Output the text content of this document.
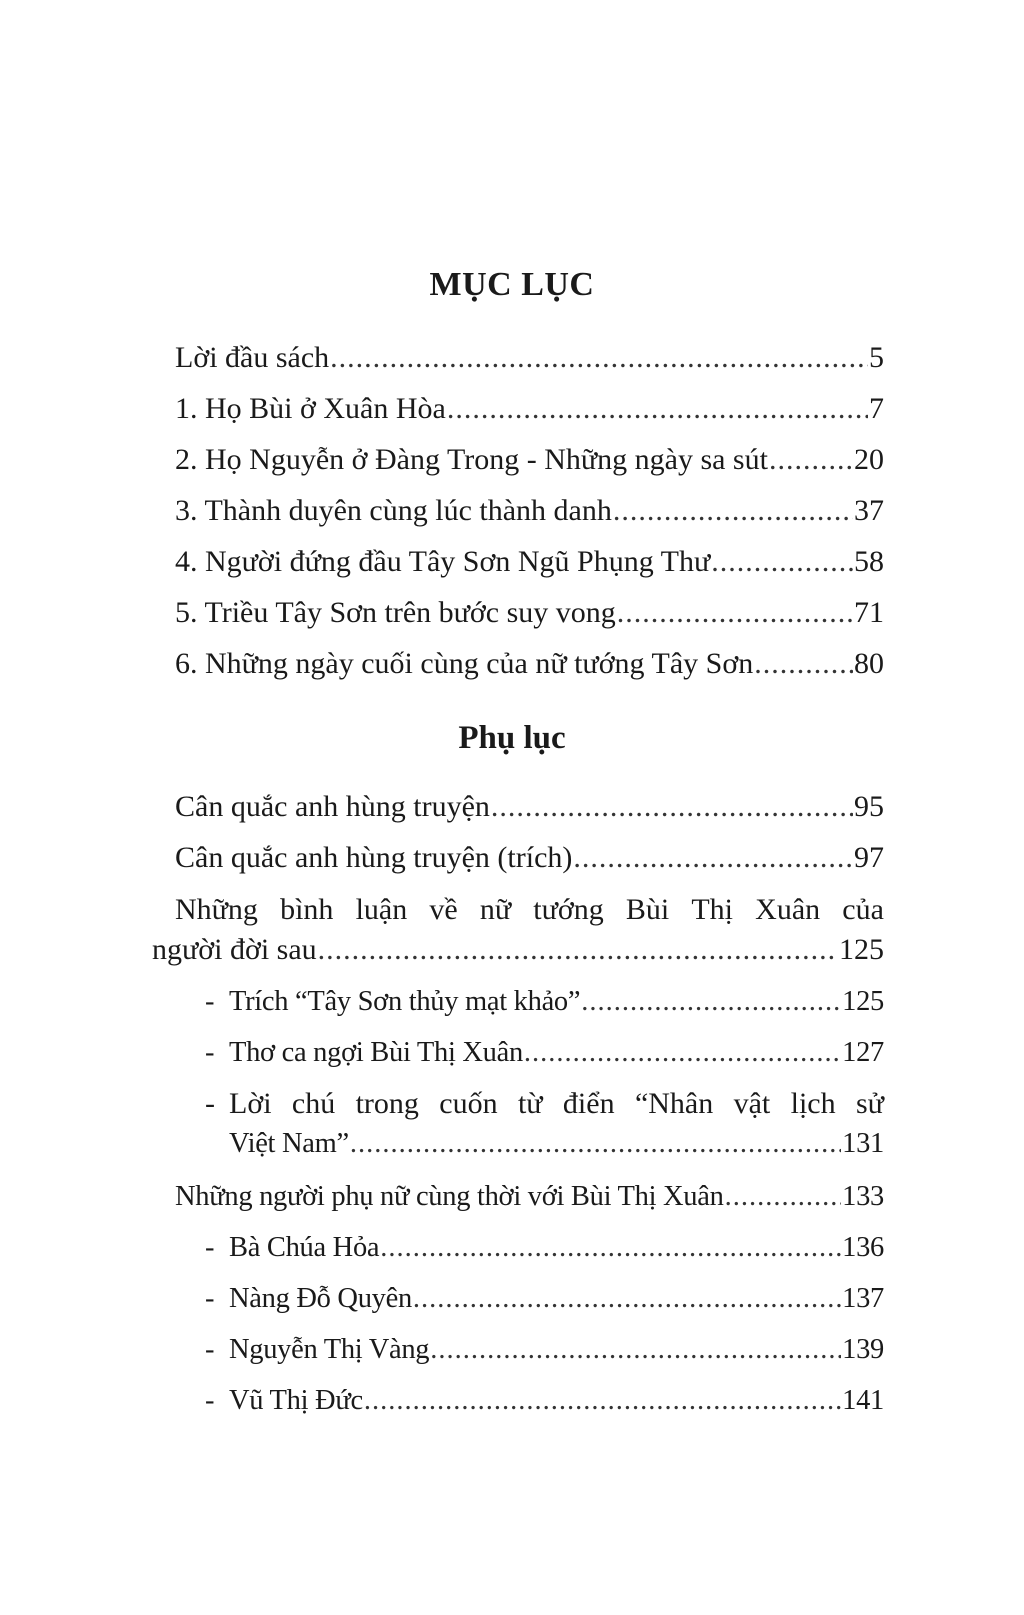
MỤC LỤC
Lời đầu sách .....	5
1. Họ Bùi ở Xuân Hòa .....	7
2. Họ Nguyễn ở Đàng Trong - Những ngày sa sút .....	20
3. Thành duyên cùng lúc thành danh .....	37
4. Người đứng đầu Tây Sơn Ngũ Phụng Thư .....	58
5. Triều Tây Sơn trên bước suy vong .....	71
6. Những ngày cuối cùng của nữ tướng Tây Sơn .....	80
Phụ lục
Cân quắc anh hùng truyện .....	95
Cân quắc anh hùng truyện (trích) .....	97
Những bình luận về nữ tướng Bùi Thị Xuân của
người đời sau .....	125
- Trích “Tây Sơn thủy mạt khảo” .....	125
- Thơ ca ngợi Bùi Thị Xuân .....	127
- Lời chú trong cuốn từ điển “Nhân vật lịch sử
Việt Nam” .....	131
Những người phụ nữ cùng thời với Bùi Thị Xuân .....	133
- Bà Chúa Hỏa .....	136
- Nàng Đỗ Quyên .....	137
- Nguyễn Thị Vàng .....	139
- Vũ Thị Đức .....	141
